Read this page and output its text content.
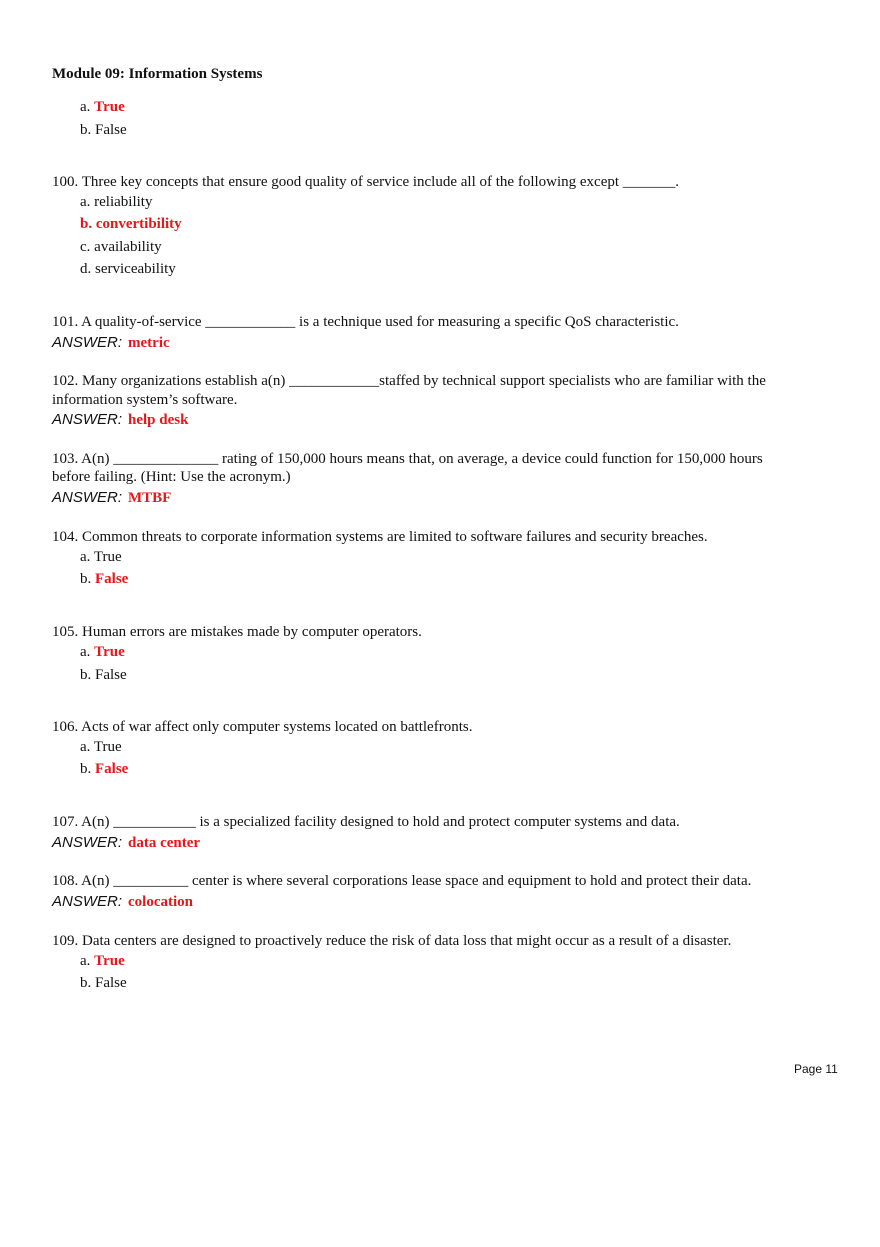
Module 09: Information Systems
a. True
b. False
100. Three key concepts that ensure good quality of service include all of the following except _______.
a. reliability
b. convertibility
c. availability
d. serviceability
101. A quality-of-service ____________ is a technique used for measuring a specific QoS characteristic.
ANSWER: metric
102. Many organizations establish a(n) ____________staffed by technical support specialists who are familiar with the
information system’s software.
ANSWER: help desk
103. A(n) ______________ rating of 150,000 hours means that, on average, a device could function for 150,000 hours
before failing. (Hint: Use the acronym.)
ANSWER: MTBF
104. Common threats to corporate information systems are limited to software failures and security breaches.
a. True
b. False
105. Human errors are mistakes made by computer operators.
a. True
b. False
106. Acts of war affect only computer systems located on battlefronts.
a. True
b. False
107. A(n) ___________ is a specialized facility designed to hold and protect computer systems and data.
ANSWER: data center
108. A(n) __________ center is where several corporations lease space and equipment to hold and protect their data.
ANSWER: colocation
109. Data centers are designed to proactively reduce the risk of data loss that might occur as a result of a disaster.
a. True
b. False
Page 11
